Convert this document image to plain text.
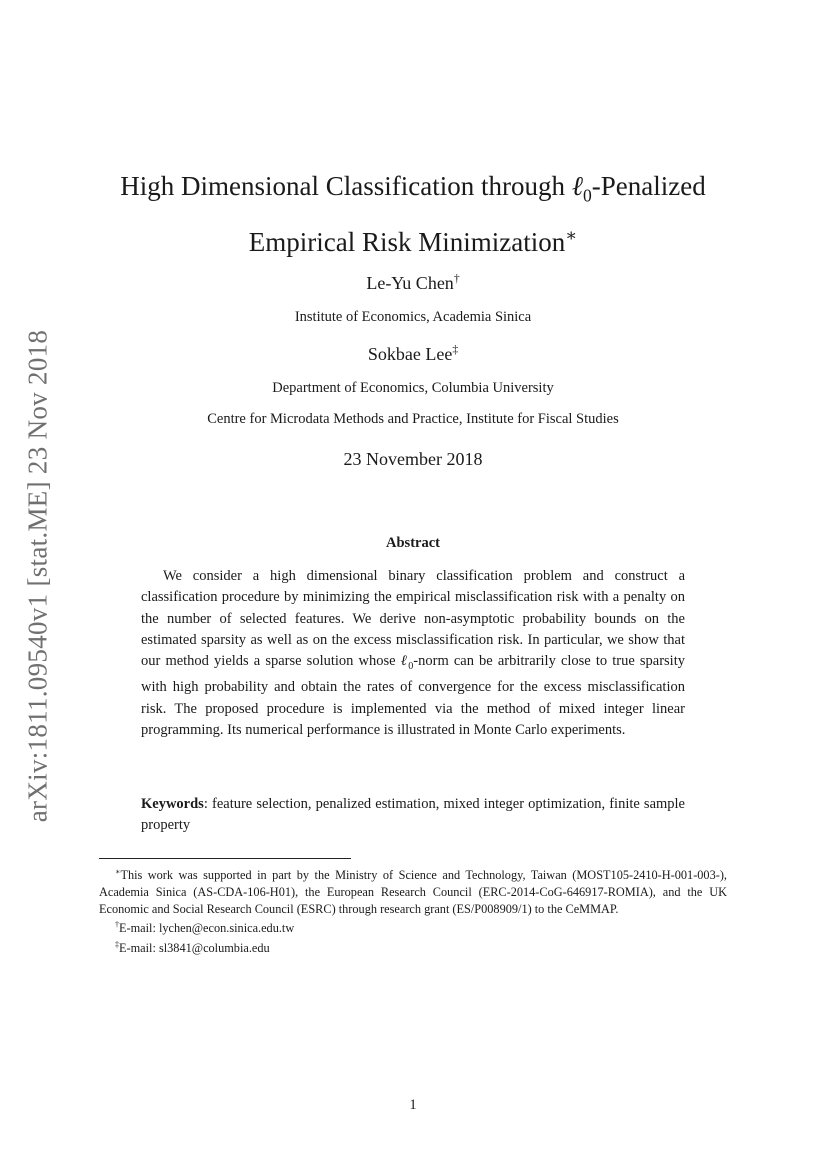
arXiv:1811.09540v1 [stat.ME] 23 Nov 2018
High Dimensional Classification through ℓ$_0$-Penalized
Empirical Risk Minimization∗
Le-Yu Chen†
Institute of Economics, Academia Sinica
Sokbae Lee‡
Department of Economics, Columbia University
Centre for Microdata Methods and Practice, Institute for Fiscal Studies
23 November 2018
Abstract
We consider a high dimensional binary classification problem and construct a classification procedure by minimizing the empirical misclassification risk with a penalty on the number of selected features. We derive non-asymptotic probability bounds on the estimated sparsity as well as on the excess misclassification risk. In particular, we show that our method yields a sparse solution whose ℓ$_0$-norm can be arbitrarily close to true sparsity with high probability and obtain the rates of convergence for the excess misclassification risk. The proposed procedure is implemented via the method of mixed integer linear programming. Its numerical performance is illustrated in Monte Carlo experiments.
Keywords: feature selection, penalized estimation, mixed integer optimization, finite sample property

∗This work was supported in part by the Ministry of Science and Technology, Taiwan (MOST105-2410-H-001-003-), Academia Sinica (AS-CDA-106-H01), the European Research Council (ERC-2014-CoG-646917-ROMIA), and the UK Economic and Social Research Council (ESRC) through research grant (ES/P008909/1) to the CeMMAP.

†E-mail: lychen@econ.sinica.edu.tw

‡E-mail: sl3841@columbia.edu

1
